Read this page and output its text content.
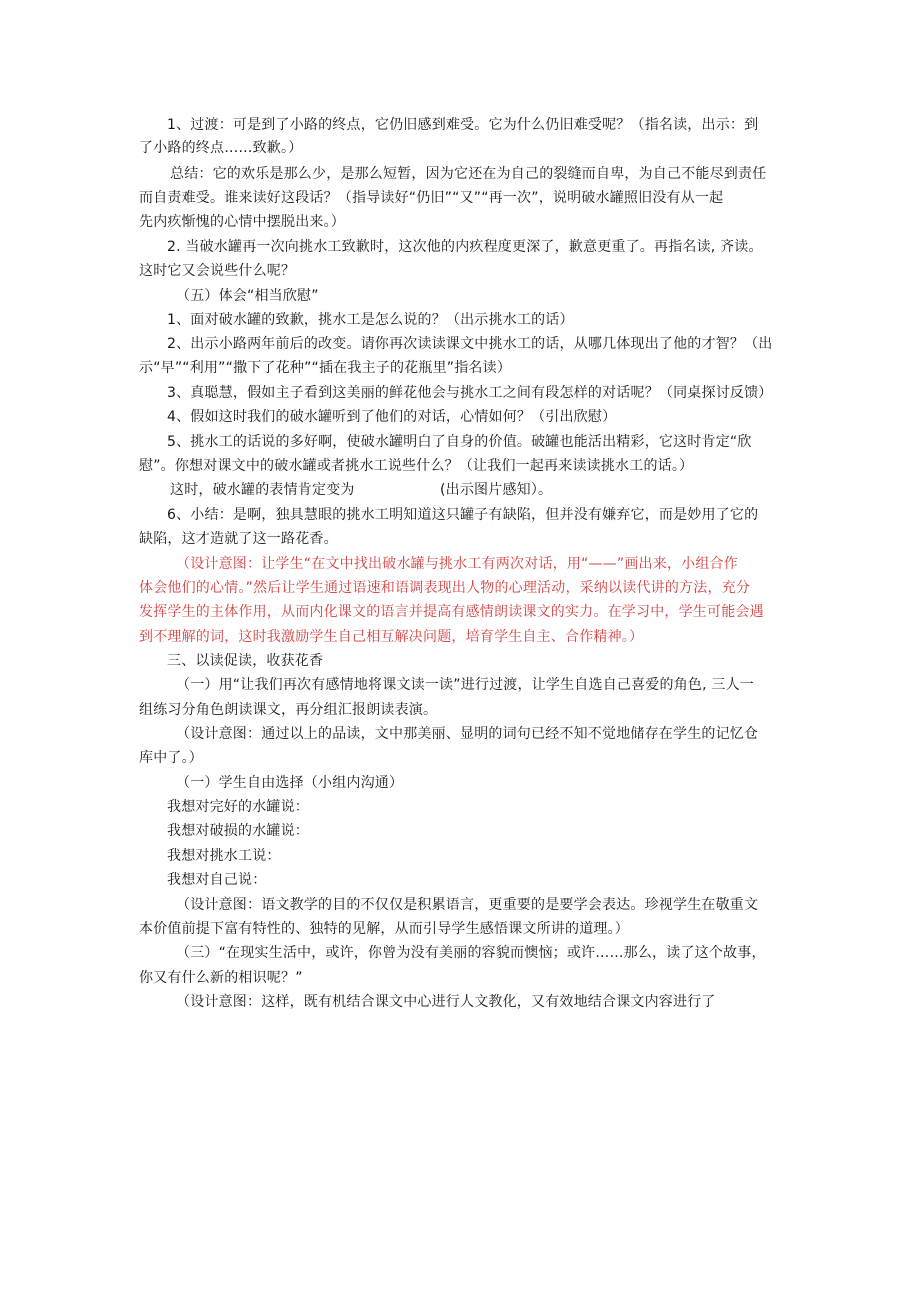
1、过渡：可是到了小路的终点，它仍旧感到难受。它为什么仍旧难受呢？（指名读，出示：到
了小路的终点……致歉。）
总结：它的欢乐是那么少，是那么短暂，因为它还在为自己的裂缝而自卑，为自己不能尽到责任
而自责难受。谁来读好这段话？（指导读好“仍旧”“又”“再一次”，说明破水罐照旧没有从一起
先内疚惭愧的心情中摆脱出来。）
2. 当破水罐再一次向挑水工致歉时，这次他的内疚程度更深了，歉意更重了。再指名读, 齐读。
这时它又会说些什么呢？
（五）体会“相当欣慰”
1、面对破水罐的致歉，挑水工是怎么说的？（出示挑水工的话）
2、出示小路两年前后的改变。请你再次读读课文中挑水工的话，从哪几体现出了他的才智？（出
示“早”“利用”“撒下了花种”“插在我主子的花瓶里”指名读）
3、真聪慧，假如主子看到这美丽的鲜花他会与挑水工之间有段怎样的对话呢？（同桌探讨反馈）
4、假如这时我们的破水罐听到了他们的对话，心情如何？（引出欣慰）
5、挑水工的话说的多好啊，使破水罐明白了自身的价值。破罐也能活出精彩，它这时肯定“欣
慰”。你想对课文中的破水罐或者挑水工说些什么？（让我们一起再来读读挑水工的话。）
这时，破水罐的表情肯定变为	(出示图片感知）。
6、小结：是啊，独具慧眼的挑水工明知道这只罐子有缺陷，但并没有嫌弃它，而是妙用了它的
缺陷，这才造就了这一路花香。
（设计意图：让学生“在文中找出破水罐与挑水工有两次对话，用“——”画出来，小组合作
体会他们的心情。”然后让学生通过语速和语调表现出人物的心理活动，采纳以读代讲的方法，充分
发挥学生的主体作用，从而内化课文的语言并提高有感情朗读课文的实力。在学习中，学生可能会遇
到不理解的词，这时我激励学生自己相互解决问题，培育学生自主、合作精神。）
三、以读促读，收获花香
（一）用“让我们再次有感情地将课文读一读”进行过渡，让学生自选自己喜爱的角色, 三人一
组练习分角色朗读课文，再分组汇报朗读表演。
（设计意图：通过以上的品读，文中那美丽、显明的词句已经不知不觉地储存在学生的记忆仓
库中了。）
（一）学生自由选择（小组内沟通）
我想对完好的水罐说：
我想对破损的水罐说：
我想对挑水工说：
我想对自己说：
（设计意图：语文教学的目的不仅仅是积累语言，更重要的是要学会表达。珍视学生在敬重文
本价值前提下富有特性的、独特的见解，从而引导学生感悟课文所讲的道理。）
（三）“在现实生活中，或许，你曾为没有美丽的容貌而懊恼；或许……那么，读了这个故事，
你又有什么新的相识呢？”
（设计意图：这样，既有机结合课文中心进行人文教化，又有效地结合课文内容进行了
